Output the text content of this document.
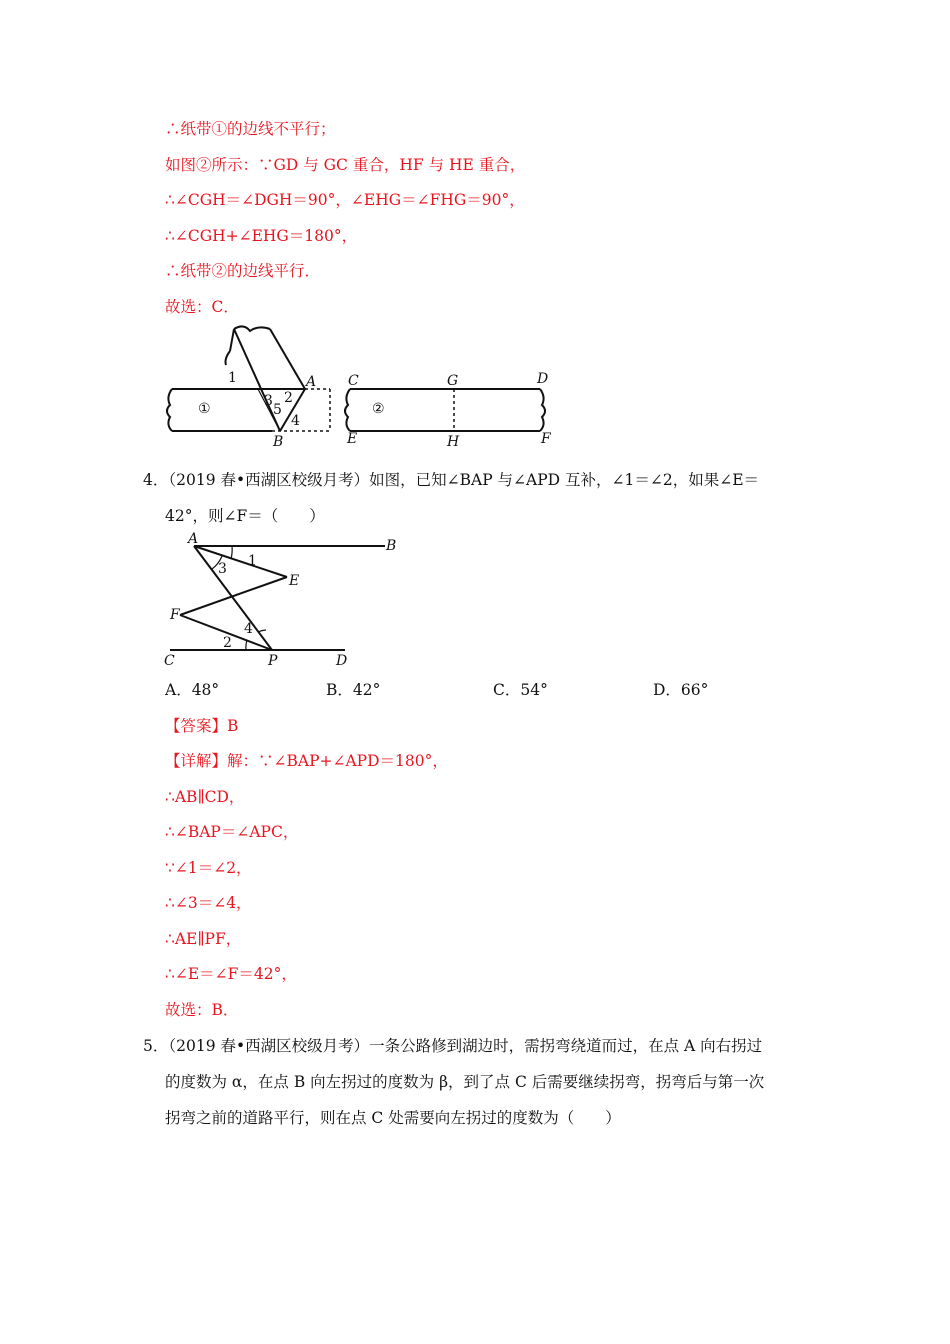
∴纸带①的边线不平行；
如图②所示：∵GD 与 GC 重合，HF 与 HE 重合，
∴∠CGH＝∠DGH＝90°，∠EHG＝∠FHG＝90°，
∴∠CGH+∠EHG＝180°，
∴纸带②的边线平行．
故选：C．
①
1
3 2
5
4
A
B
②
C	G	D
E	H	F
4．（2019 春•西湖区校级月考）如图，已知∠BAP 与∠APD 互补，∠1＝∠2，如果∠E＝
42°，则∠F＝（　　）
A	B
E
F
C	P	D
1
3
4
2
A．48°	B．42°	C．54°	D．66°
【答案】B
【详解】解：∵∠BAP+∠APD＝180°，
∴AB∥CD，
∴∠BAP＝∠APC，
∵∠1＝∠2，
∴∠3＝∠4，
∴AE∥PF，
∴∠E＝∠F＝42°，
故选：B．
5．（2019 春•西湖区校级月考）一条公路修到湖边时，需拐弯绕道而过，在点 A 向右拐过
的度数为 α，在点 B 向左拐过的度数为 β，到了点 C 后需要继续拐弯，拐弯后与第一次
拐弯之前的道路平行，则在点 C 处需要向左拐过的度数为（　　）
